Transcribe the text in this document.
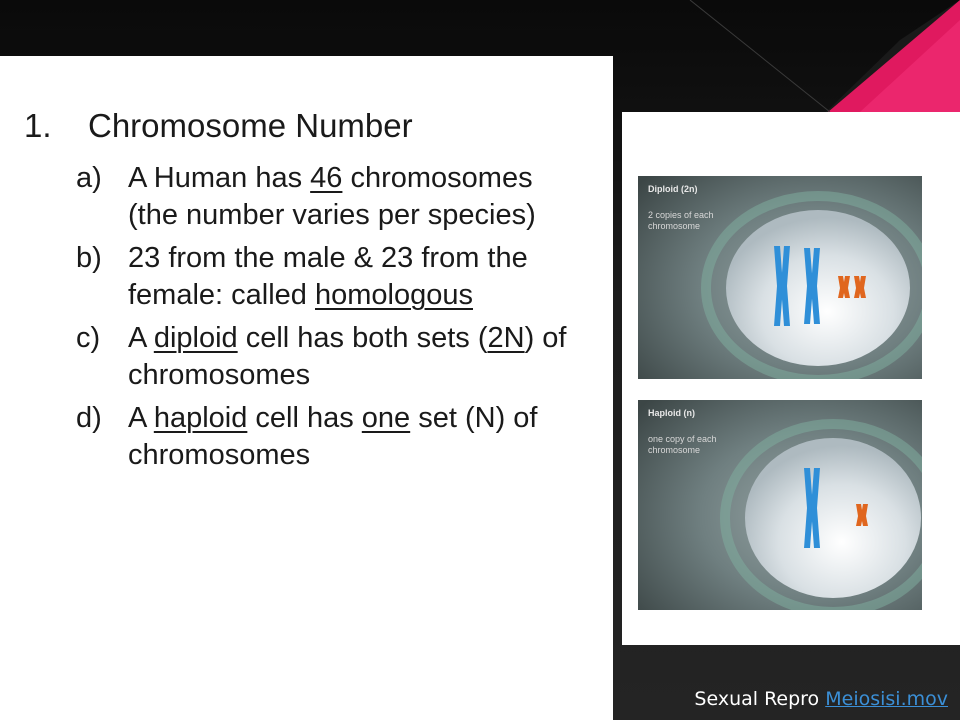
1. Chromosome Number
a) A Human has 46 chromosomes (the number varies per species)
b) 23 from the male & 23 from the female: called homologous
c) A diploid cell has both sets (2N) of chromosomes
d) A haploid cell has one set (N) of chromosomes
Diploid (2n)
2 copies of each chromosome
Haploid (n)
one copy of each chromosome
Sexual Repro Meiosisi.mov
